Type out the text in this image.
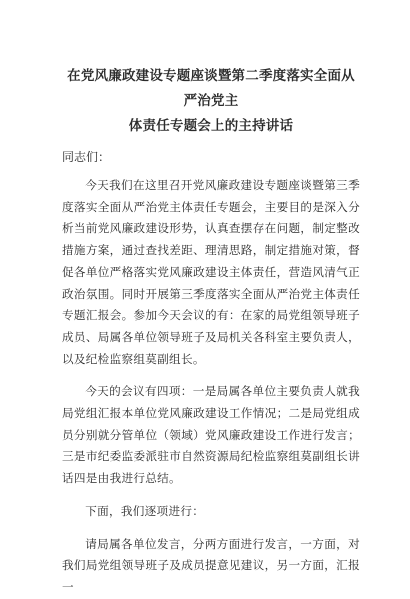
在党风廉政建设专题座谈暨第二季度落实全面从严治党主
体责任专题会上的主持讲话
同志们：

今天我们在这里召开党风廉政建设专题座谈暨第三季度落实全面从严治党主体责任专题会，主要目的是深入分析当前党风廉政建设形势，认真查摆存在问题，制定整改措施方案，通过查找差距、理清思路，制定措施对策，督促各单位严格落实党风廉政建设主体责任，营造风清气正政治氛围。同时开展第三季度落实全面从严治党主体责任专题汇报会。参加今天会议的有：在家的局党组领导班子成员、局属各单位领导班子及局机关各科室主要负责人，以及纪检监察组莫副组长。

今天的会议有四项：一是局属各单位主要负责人就我局党组汇报本单位党风廉政建设工作情况；二是局党组成员分别就分管单位（领域）党风廉政建设工作进行发言；三是市纪委监委派驻市自然资源局纪检监察组莫副组长讲话四是由我进行总结。

下面，我们逐项进行：

请局属各单位发言，分两方面进行发言，一方面，对我们局党组领导班子及成员提意见建议，另一方面，汇报一
